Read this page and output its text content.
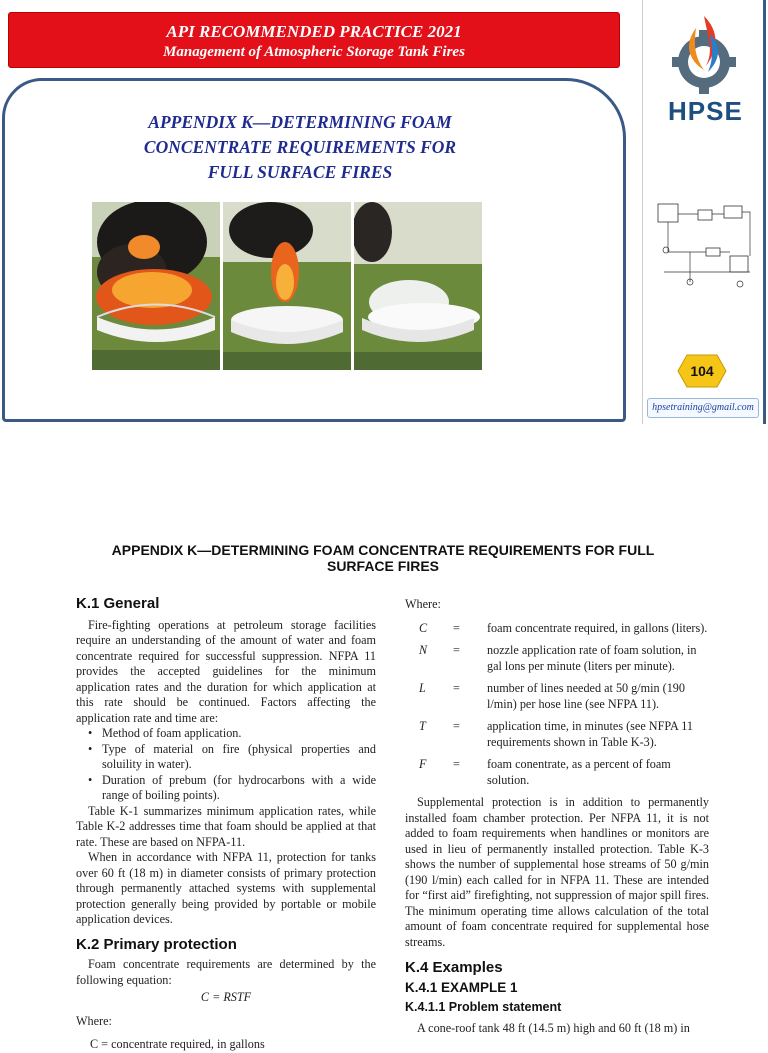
API RECOMMENDED PRACTICE 2021
Management of Atmospheric Storage Tank Fires
APPENDIX K—DETERMINING FOAM
CONCENTRATE REQUIREMENTS FOR
FULL SURFACE FIRES
HPSE
104
hpsetraining@gmail.com
APPENDIX K—DETERMINING FOAM CONCENTRATE REQUIREMENTS FOR FULL
SURFACE FIRES
K.1 General

Fire-fighting operations at petroleum storage facilities require an understanding of the amount of water and foam concentrate required for successful suppression. NFPA 11 provides the accepted guidelines for the minimum application rates and the duration for which application at this rate should be continued. Factors affecting the application rate and time are:

• Method of foam application.
• Type of material on fire (physical properties and soluility in water).
• Duration of prebum (for hydrocarbons with a wide range of boiling points).

Table K-1 summarizes minimum application rates, while Table K-2 addresses time that foam should be applied at that rate. These are based on NFPA-11.

When in accordance with NFPA 11, protection for tanks over 60 ft (18 m) in diameter consists of primary protection through permanently attached systems with supplemental protection generally being provided by portable or mobile application devices.

K.2 Primary protection

Foam concentrate requirements are determined by the following equation:

C = RSTF

Where:

C = concentrate required, in gallons

Where:

C	=	foam concentrate required, in gallons (liters).
N	=	nozzle application rate of foam solution, in gal lons per minute (liters per minute).
L	=	number of lines needed at 50 g/min (190 l/min) per hose line (see NFPA 11).
T	=	application time, in minutes (see NFPA 11 requirements shown in Table K-3).
F	=	foam conentrate, as a percent of foam solution.

Supplemental protection is in addition to permanently installed foam chamber protection. Per NFPA 11, it is not added to foam requirements when handlines or monitors are used in lieu of permanently installed protection. Table K-3 shows the number of supplemental hose streams of 50 g/min (190 l/min) each called for in NFPA 11. These are intended for “first aid” firefighting, not suppression of major spill fires. The minimum operating time allows calculation of the total amount of foam concentrate required for supplemental hose streams.

K.4 Examples
K.4.1 EXAMPLE 1
K.4.1.1 Problem statement

A cone-roof tank 48 ft (14.5 m) high and 60 ft (18 m) in
